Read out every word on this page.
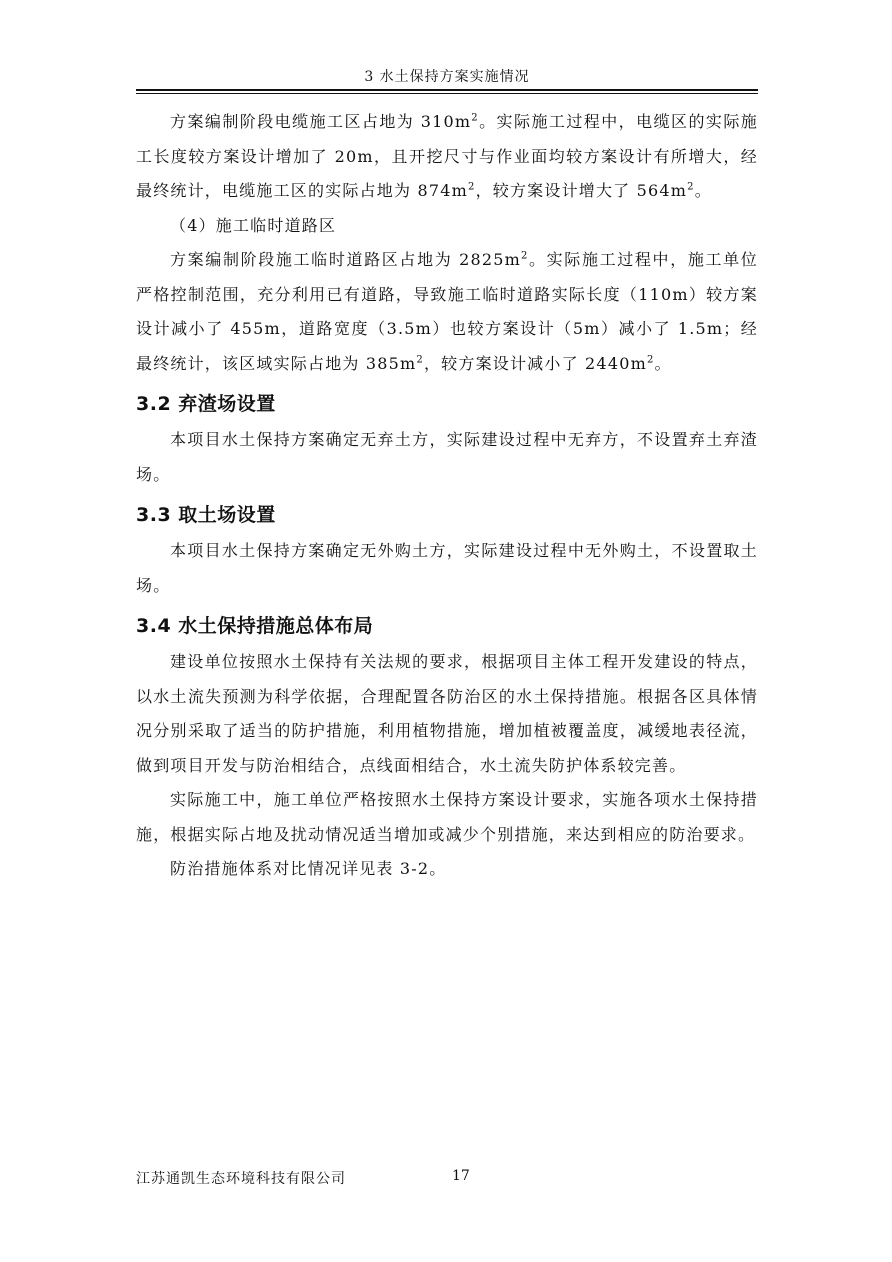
3 水土保持方案实施情况

方案编制阶段电缆施工区占地为 $310m^2$。实际施工过程中，电缆区的实际施工长度较方案设计增加了 20m，且开挖尺寸与作业面均较方案设计有所增大，经最终统计，电缆施工区的实际占地为 $874m^2$，较方案设计增大了 $564m^2$。

（4）施工临时道路区

方案编制阶段施工临时道路区占地为 $2825m^2$。实际施工过程中，施工单位严格控制范围，充分利用已有道路，导致施工临时道路实际长度（110m）较方案设计减小了 455m，道路宽度（3.5m）也较方案设计（5m）减小了 1.5m；经最终统计，该区域实际占地为 $385m^2$，较方案设计减小了 $2440m^2$。

3.2 弃渣场设置

本项目水土保持方案确定无弃土方，实际建设过程中无弃方，不设置弃土弃渣场。

3.3 取土场设置

本项目水土保持方案确定无外购土方，实际建设过程中无外购土，不设置取土场。

3.4 水土保持措施总体布局

建设单位按照水土保持有关法规的要求，根据项目主体工程开发建设的特点，以水土流失预测为科学依据，合理配置各防治区的水土保持措施。根据各区具体情况分别采取了适当的防护措施，利用植物措施，增加植被覆盖度，减缓地表径流，做到项目开发与防治相结合，点线面相结合，水土流失防护体系较完善。

实际施工中，施工单位严格按照水土保持方案设计要求，实施各项水土保持措施，根据实际占地及扰动情况适当增加或减少个别措施，来达到相应的防治要求。

防治措施体系对比情况详见表 3-2。

江苏通凯生态环境科技有限公司	17
